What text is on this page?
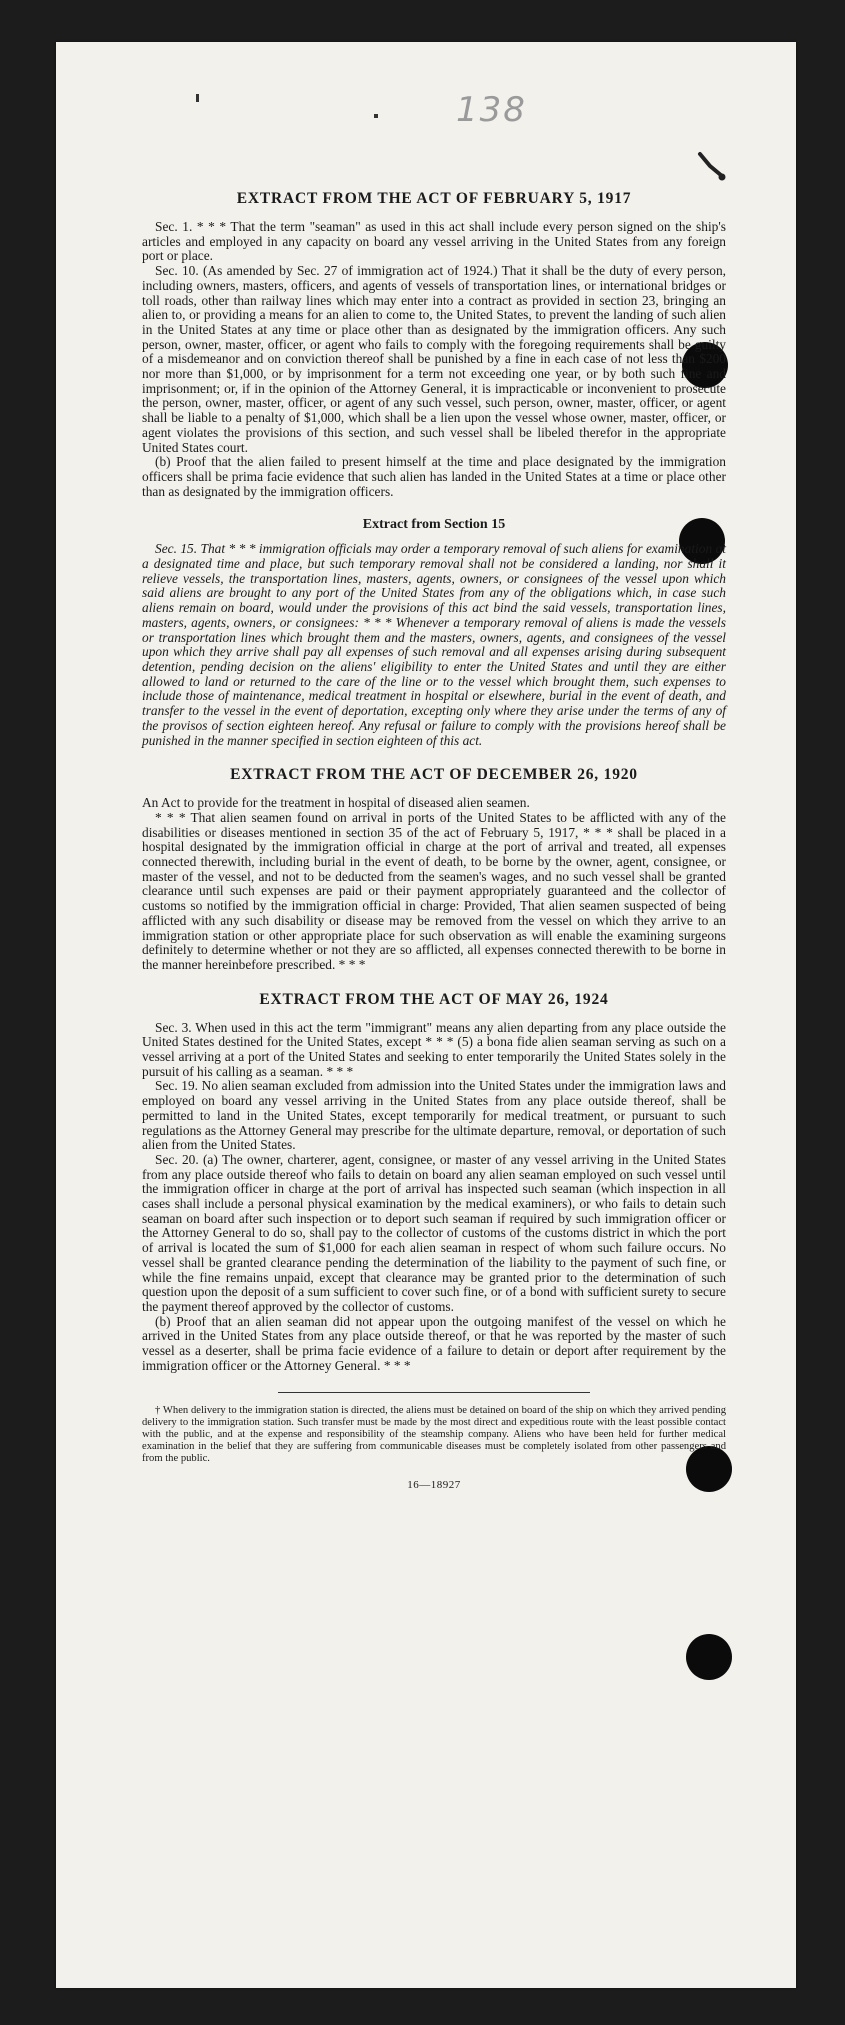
138
EXTRACT FROM THE ACT OF FEBRUARY 5, 1917

Sec. 1. * * * That the term "seaman" as used in this act shall include every person signed on the ship's articles and employed in any capacity on board any vessel arriving in the United States from any foreign port or place.

Sec. 10. (As amended by Sec. 27 of immigration act of 1924.) That it shall be the duty of every person, including owners, masters, officers, and agents of vessels of transportation lines, or international bridges or toll roads, other than railway lines which may enter into a contract as provided in section 23, bringing an alien to, or providing a means for an alien to come to, the United States, to prevent the landing of such alien in the United States at any time or place other than as designated by the immigration officers. Any such person, owner, master, officer, or agent who fails to comply with the foregoing requirements shall be guilty of a misdemeanor and on conviction thereof shall be punished by a fine in each case of not less than $200 nor more than $1,000, or by imprisonment for a term not exceeding one year, or by both such fine and imprisonment; or, if in the opinion of the Attorney General, it is impracticable or inconvenient to prosecute the person, owner, master, officer, or agent of any such vessel, such person, owner, master, officer, or agent shall be liable to a penalty of $1,000, which shall be a lien upon the vessel whose owner, master, officer, or agent violates the provisions of this section, and such vessel shall be libeled therefor in the appropriate United States court.

(b) Proof that the alien failed to present himself at the time and place designated by the immigration officers shall be prima facie evidence that such alien has landed in the United States at a time or place other than as designated by the immigration officers.

Extract from Section 15

Sec. 15. That * * * immigration officials may order a temporary removal of such aliens for examination at a designated time and place, but such temporary removal shall not be considered a landing, nor shall it relieve vessels, the transportation lines, masters, agents, owners, or consignees of the vessel upon which said aliens are brought to any port of the United States from any of the obligations which, in case such aliens remain on board, would under the provisions of this act bind the said vessels, transportation lines, masters, agents, owners, or consignees: * * * Whenever a temporary removal of aliens is made the vessels or transportation lines which brought them and the masters, owners, agents, and consignees of the vessel upon which they arrive shall pay all expenses of such removal and all expenses arising during subsequent detention, pending decision on the aliens' eligibility to enter the United States and until they are either allowed to land or returned to the care of the line or to the vessel which brought them, such expenses to include those of maintenance, medical treatment in hospital or elsewhere, burial in the event of death, and transfer to the vessel in the event of deportation, excepting only where they arise under the terms of any of the provisos of section eighteen hereof. Any refusal or failure to comply with the provisions hereof shall be punished in the manner specified in section eighteen of this act.

EXTRACT FROM THE ACT OF DECEMBER 26, 1920

An Act to provide for the treatment in hospital of diseased alien seamen.

* * * That alien seamen found on arrival in ports of the United States to be afflicted with any of the disabilities or diseases mentioned in section 35 of the act of February 5, 1917, * * * shall be placed in a hospital designated by the immigration official in charge at the port of arrival and treated, all expenses connected therewith, including burial in the event of death, to be borne by the owner, agent, consignee, or master of the vessel, and not to be deducted from the seamen's wages, and no such vessel shall be granted clearance until such expenses are paid or their payment appropriately guaranteed and the collector of customs so notified by the immigration official in charge: Provided, That alien seamen suspected of being afflicted with any such disability or disease may be removed from the vessel on which they arrive to an immigration station or other appropriate place for such observation as will enable the examining surgeons definitely to determine whether or not they are so afflicted, all expenses connected therewith to be borne in the manner hereinbefore prescribed. * * *

EXTRACT FROM THE ACT OF MAY 26, 1924

Sec. 3. When used in this act the term "immigrant" means any alien departing from any place outside the United States destined for the United States, except * * * (5) a bona fide alien seaman serving as such on a vessel arriving at a port of the United States and seeking to enter temporarily the United States solely in the pursuit of his calling as a seaman. * * *

Sec. 19. No alien seaman excluded from admission into the United States under the immigration laws and employed on board any vessel arriving in the United States from any place outside thereof, shall be permitted to land in the United States, except temporarily for medical treatment, or pursuant to such regulations as the Attorney General may prescribe for the ultimate departure, removal, or deportation of such alien from the United States.

Sec. 20. (a) The owner, charterer, agent, consignee, or master of any vessel arriving in the United States from any place outside thereof who fails to detain on board any alien seaman employed on such vessel until the immigration officer in charge at the port of arrival has inspected such seaman (which inspection in all cases shall include a personal physical examination by the medical examiners), or who fails to detain such seaman on board after such inspection or to deport such seaman if required by such immigration officer or the Attorney General to do so, shall pay to the collector of customs of the customs district in which the port of arrival is located the sum of $1,000 for each alien seaman in respect of whom such failure occurs. No vessel shall be granted clearance pending the determination of the liability to the payment of such fine, or while the fine remains unpaid, except that clearance may be granted prior to the determination of such question upon the deposit of a sum sufficient to cover such fine, or of a bond with sufficient surety to secure the payment thereof approved by the collector of customs.

(b) Proof that an alien seaman did not appear upon the outgoing manifest of the vessel on which he arrived in the United States from any place outside thereof, or that he was reported by the master of such vessel as a deserter, shall be prima facie evidence of a failure to detain or deport after requirement by the immigration officer or the Attorney General. * * *

† When delivery to the immigration station is directed, the aliens must be detained on board of the ship on which they arrived pending delivery to the immigration station. Such transfer must be made by the most direct and expeditious route with the least possible contact with the public, and at the expense and responsibility of the steamship company. Aliens who have been held for further medical examination in the belief that they are suffering from communicable diseases must be completely isolated from other passengers and from the public.

16—18927
